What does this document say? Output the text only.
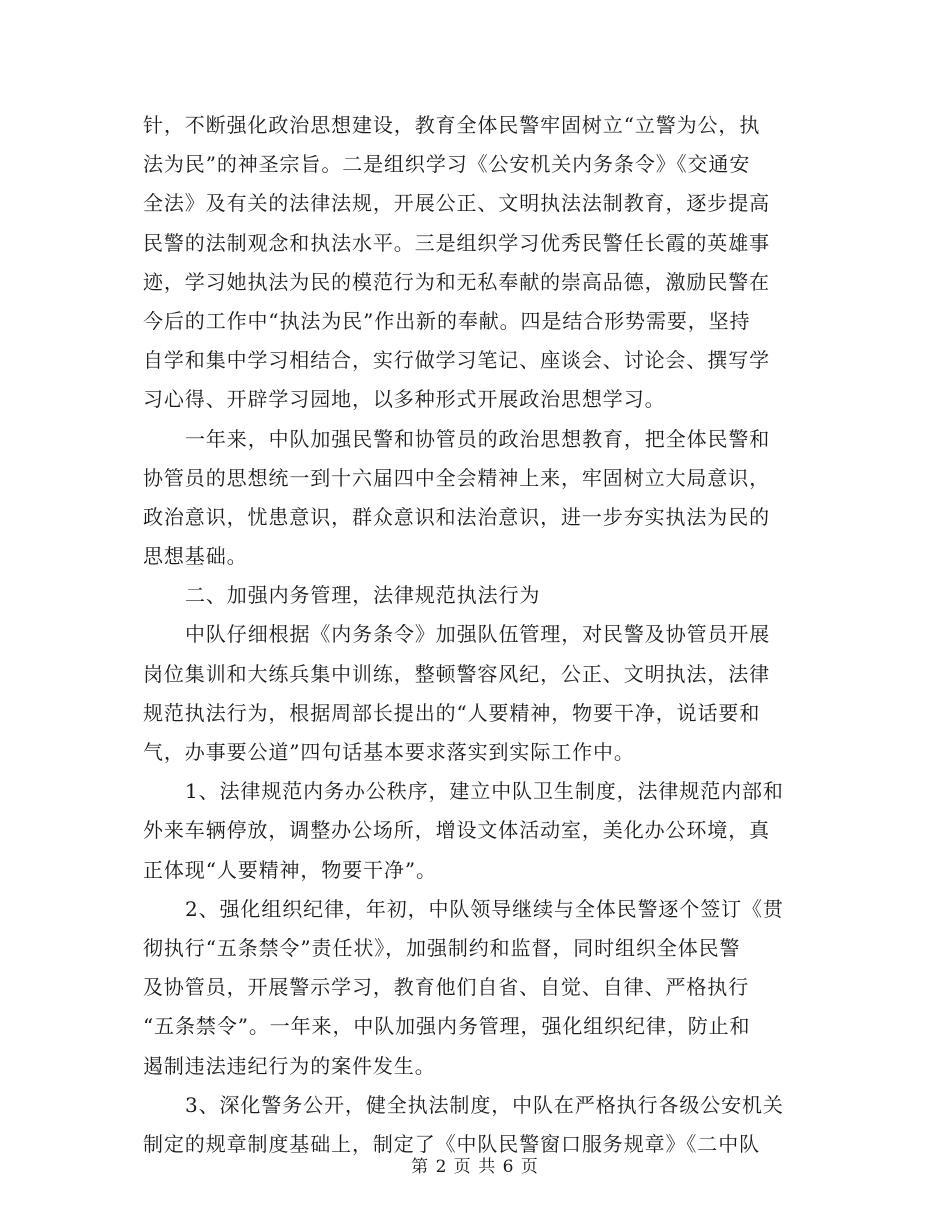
针，不断强化政治思想建设，教育全体民警牢固树立“立警为公，执
法为民”的神圣宗旨。二是组织学习《公安机关内务条令》《交通安
全法》及有关的法律法规，开展公正、文明执法法制教育，逐步提高
民警的法制观念和执法水平。三是组织学习优秀民警任长霞的英雄事
迹，学习她执法为民的模范行为和无私奉献的崇高品德，激励民警在
今后的工作中“执法为民”作出新的奉献。四是结合形势需要，坚持
自学和集中学习相结合，实行做学习笔记、座谈会、讨论会、撰写学
习心得、开辟学习园地，以多种形式开展政治思想学习。
一年来，中队加强民警和协管员的政治思想教育，把全体民警和
协管员的思想统一到十六届四中全会精神上来，牢固树立大局意识，
政治意识，忧患意识，群众意识和法治意识，进一步夯实执法为民的
思想基础。
二、加强内务管理，法律规范执法行为
中队仔细根据《内务条令》加强队伍管理，对民警及协管员开展
岗位集训和大练兵集中训练，整顿警容风纪，公正、文明执法，法律
规范执法行为，根据周部长提出的“人要精神，物要干净，说话要和
气，办事要公道”四句话基本要求落实到实际工作中。
1、法律规范内务办公秩序，建立中队卫生制度，法律规范内部和
外来车辆停放，调整办公场所，增设文体活动室，美化办公环境，真
正体现“人要精神，物要干净”。
2、强化组织纪律，年初，中队领导继续与全体民警逐个签订《贯
彻执行“五条禁令”责任状》，加强制约和监督，同时组织全体民警
及协管员，开展警示学习，教育他们自省、自觉、自律、严格执行
“五条禁令”。一年来，中队加强内务管理，强化组织纪律，防止和
遏制违法违纪行为的案件发生。
3、深化警务公开，健全执法制度，中队在严格执行各级公安机关
制定的规章制度基础上，制定了《中队民警窗口服务规章》《二中队
第 2 页 共 6 页
